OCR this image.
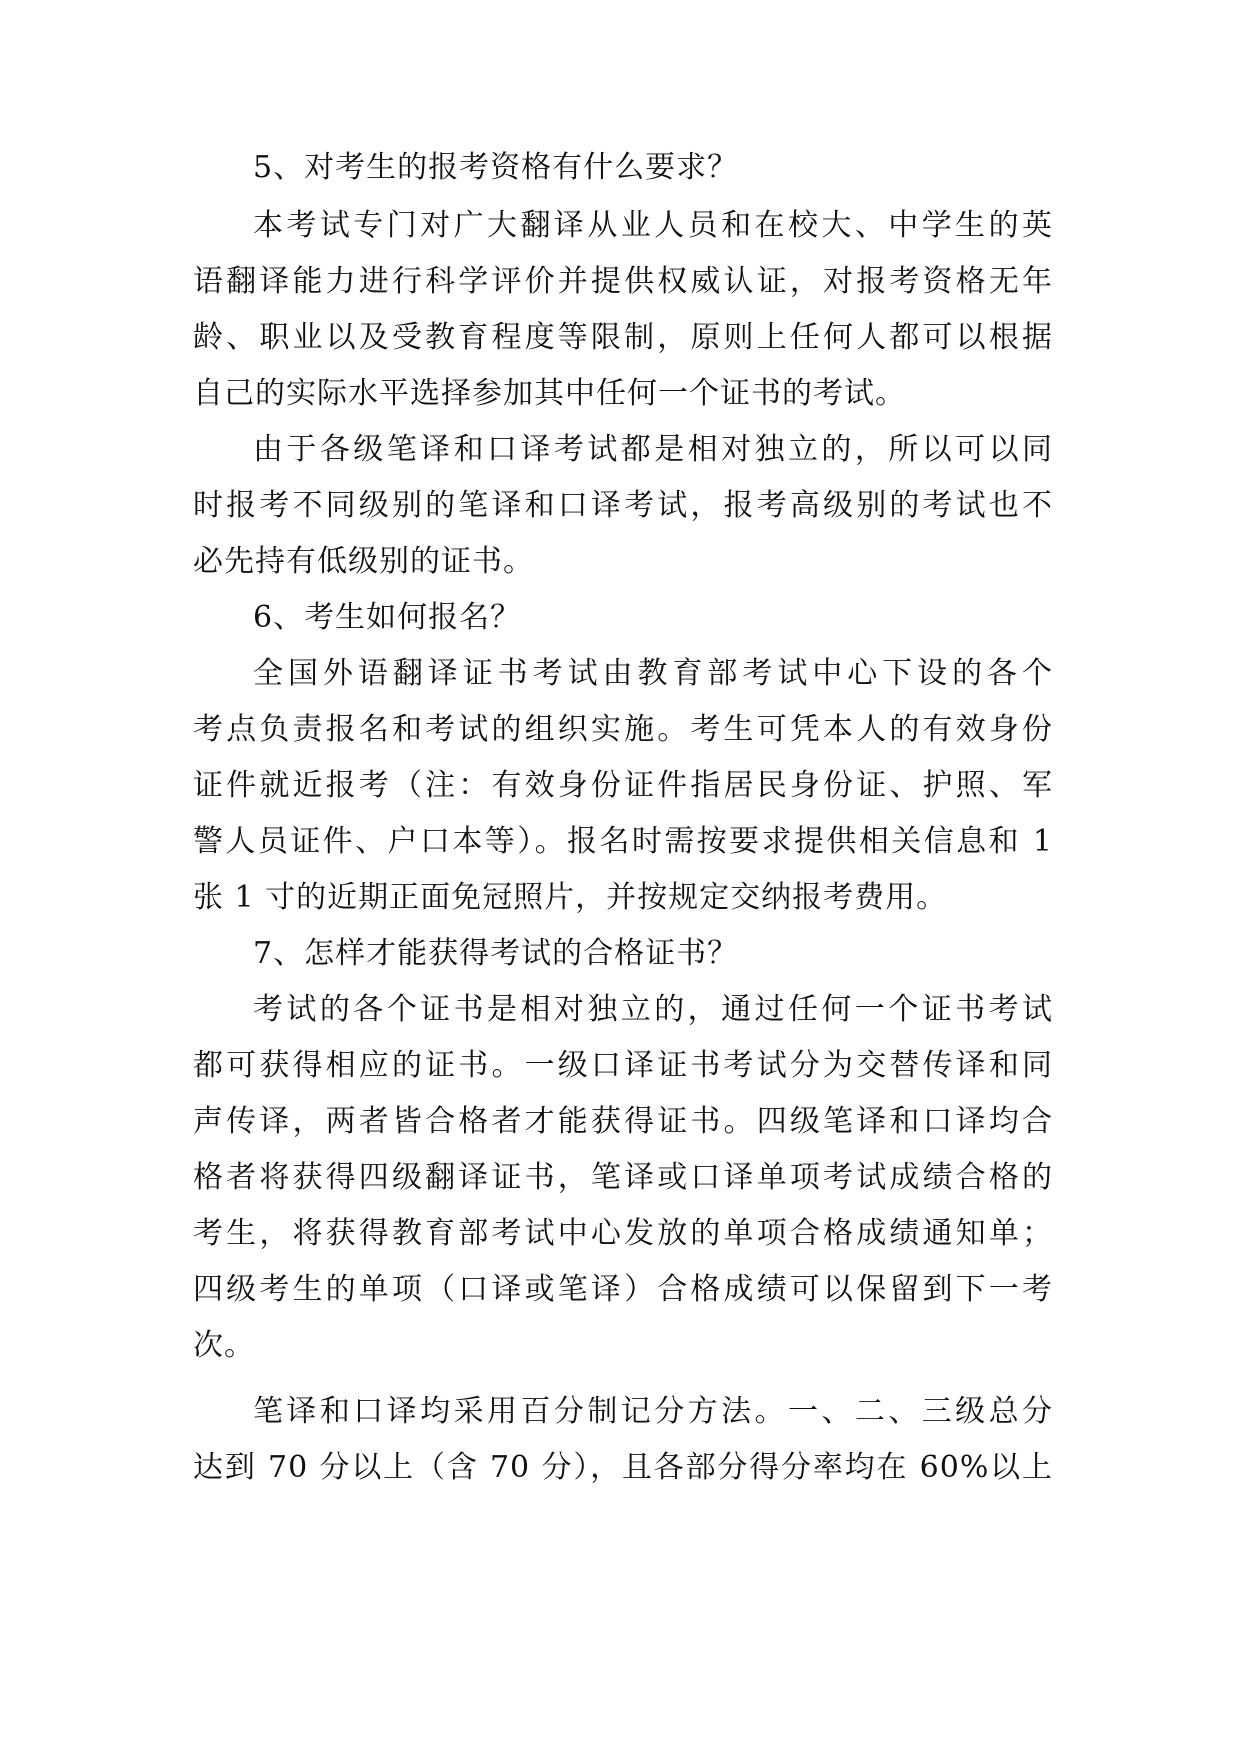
5、对考生的报考资格有什么要求？
本考试专门对广大翻译从业人员和在校大、中学生的英
语翻译能力进行科学评价并提供权威认证，对报考资格无年
龄、职业以及受教育程度等限制，原则上任何人都可以根据
自己的实际水平选择参加其中任何一个证书的考试。
由于各级笔译和口译考试都是相对独立的，所以可以同
时报考不同级别的笔译和口译考试，报考高级别的考试也不
必先持有低级别的证书。
6、考生如何报名？
全国外语翻译证书考试由教育部考试中心下设的各个
考点负责报名和考试的组织实施。考生可凭本人的有效身份
证件就近报考（注：有效身份证件指居民身份证、护照、军
警人员证件、户口本等）。报名时需按要求提供相关信息和 1
张 1 寸的近期正面免冠照片，并按规定交纳报考费用。
7、怎样才能获得考试的合格证书？
考试的各个证书是相对独立的，通过任何一个证书考试
都可获得相应的证书。一级口译证书考试分为交替传译和同
声传译，两者皆合格者才能获得证书。四级笔译和口译均合
格者将获得四级翻译证书，笔译或口译单项考试成绩合格的
考生，将获得教育部考试中心发放的单项合格成绩通知单；
四级考生的单项（口译或笔译）合格成绩可以保留到下一考
次。
笔译和口译均采用百分制记分方法。一、二、三级总分
达到 70 分以上（含 70 分），且各部分得分率均在 60%以上
